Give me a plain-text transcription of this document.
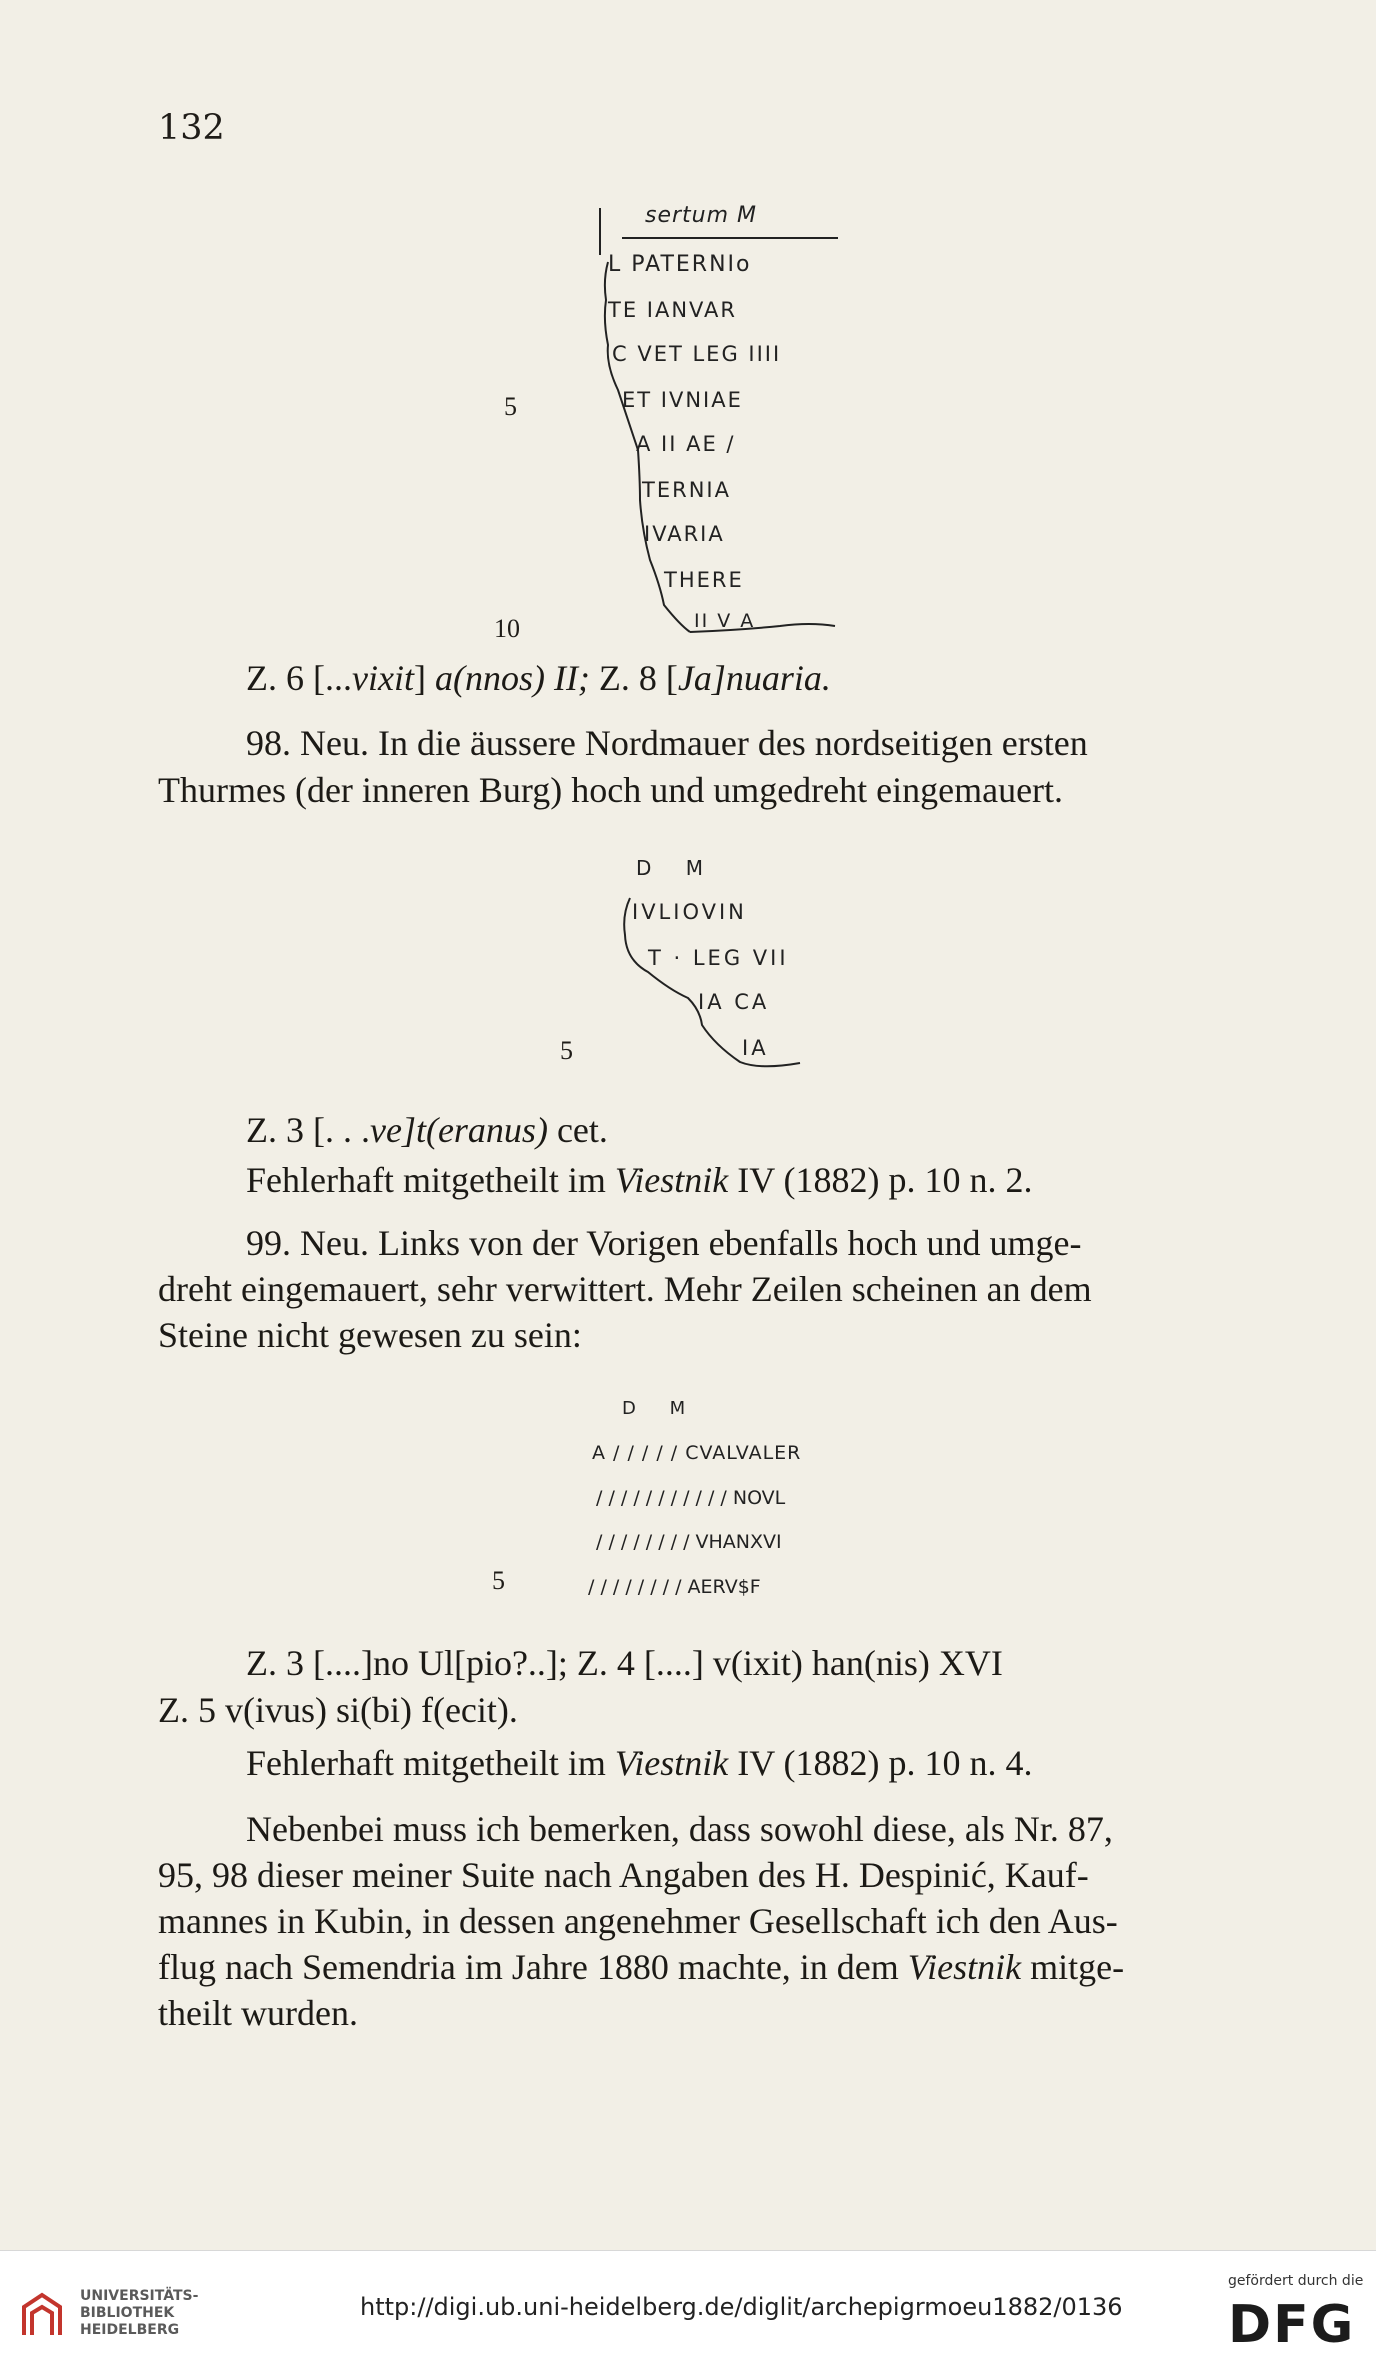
132
sertum M
L PATERNIo
TE IANVAR
C VET LEG IIII
ET IVNIAE
A II AE /
TERNIA
IVARIA
THERE
II V A
5
10
Z. 6 [...vixit] a(nnos) II; Z. 8 [Ja]nuaria.
98. Neu. In die äussere Nordmauer des nordseitigen ersten
Thurmes (der inneren Burg) hoch und umgedreht eingemauert.
D M
IVLIOVIN
T · LEG VII
IA CA
IA
5
Z. 3 [. . .ve]t(eranus) cet.
Fehlerhaft mitgetheilt im Viestnik IV (1882) p. 10 n. 2.
99. Neu. Links von der Vorigen ebenfalls hoch und umge-
dreht eingemauert, sehr verwittert. Mehr Zeilen scheinen an dem
Steine nicht gewesen zu sein:
D M
A / / / / / CVALVALER
/ / / / / / / / / / / NOVL
/ / / / / / / / VHANXVI
/ / / / / / / / AERV$F
5
Z. 3 [....]no Ul[pio?..]; Z. 4 [....] v(ixit) han(nis) XVI
Z. 5 v(ivus) si(bi) f(ecit).
Fehlerhaft mitgetheilt im Viestnik IV (1882) p. 10 n. 4.
Nebenbei muss ich bemerken, dass sowohl diese, als Nr. 87,
95, 98 dieser meiner Suite nach Angaben des H. Despinić, Kauf-
mannes in Kubin, in dessen angenehmer Gesellschaft ich den Aus-
flug nach Semendria im Jahre 1880 machte, in dem Viestnik mitge-
theilt wurden.
UNIVERSITÄTS-
BIBLIOTHEK
HEIDELBERG
http://digi.ub.uni-heidelberg.de/diglit/archepigrmoeu1882/0136
gefördert durch die
DFG
